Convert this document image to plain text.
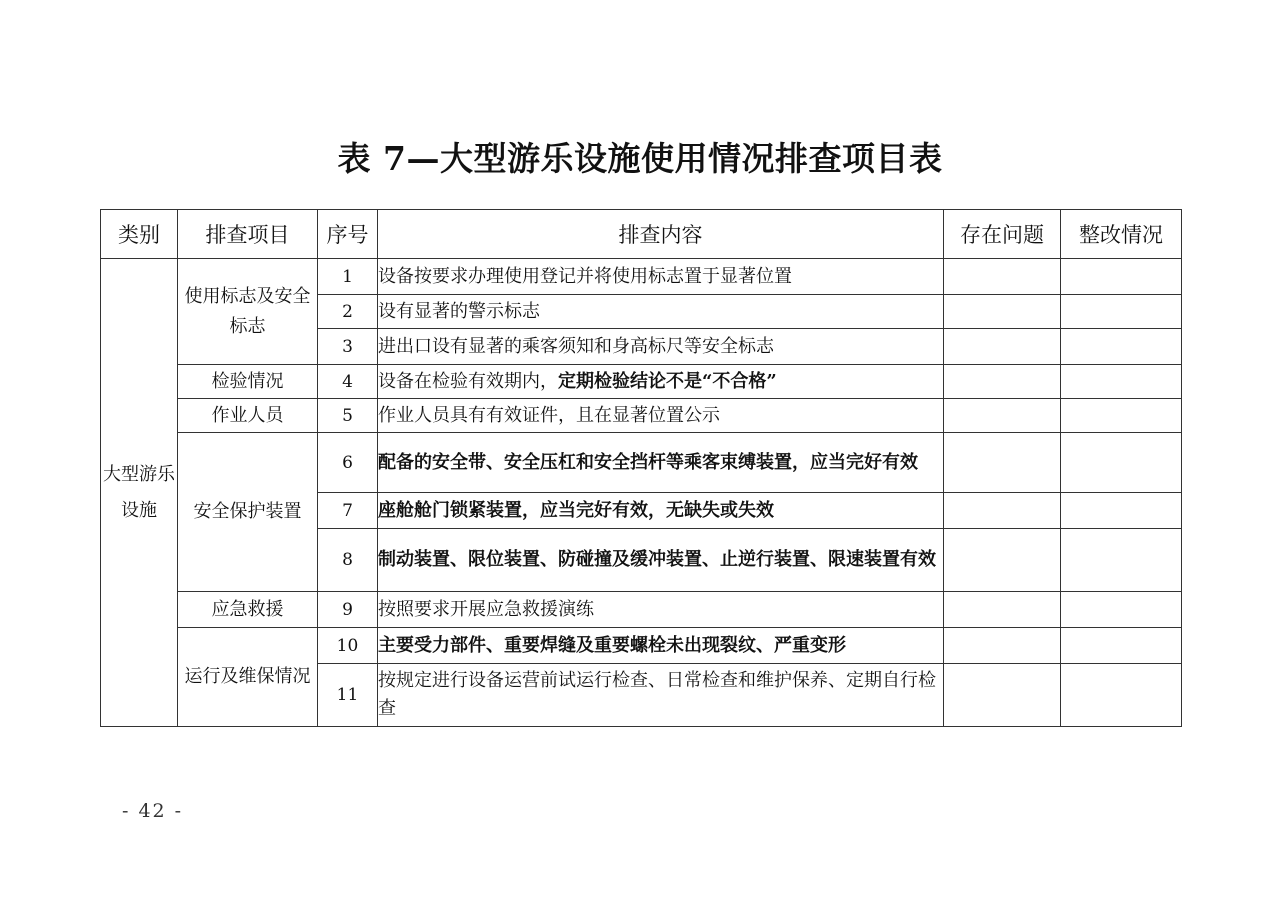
表 7—大型游乐设施使用情况排查项目表
类别	排查项目	序号	排查内容	存在问题	整改情况
大型游乐设施	使用标志及安全标志	1	设备按要求办理使用登记并将使用标志置于显著位置		
		2	设有显著的警示标志		
		3	进出口设有显著的乘客须知和身高标尺等安全标志		
	检验情况	4	设备在检验有效期内，定期检验结论不是“不合格”		
	作业人员	5	作业人员具有有效证件，且在显著位置公示		
	安全保护装置	6	配备的安全带、安全压杠和安全挡杆等乘客束缚装置，应当完好有效		
		7	座舱舱门锁紧装置，应当完好有效，无缺失或失效		
		8	制动装置、限位装置、防碰撞及缓冲装置、止逆行装置、限速装置有效		
	应急救援	9	按照要求开展应急救援演练		
	运行及维保情况	10	主要受力部件、重要焊缝及重要螺栓未出现裂纹、严重变形		
		11	按规定进行设备运营前试运行检查、日常检查和维护保养、定期自行检查		
- 42 -
